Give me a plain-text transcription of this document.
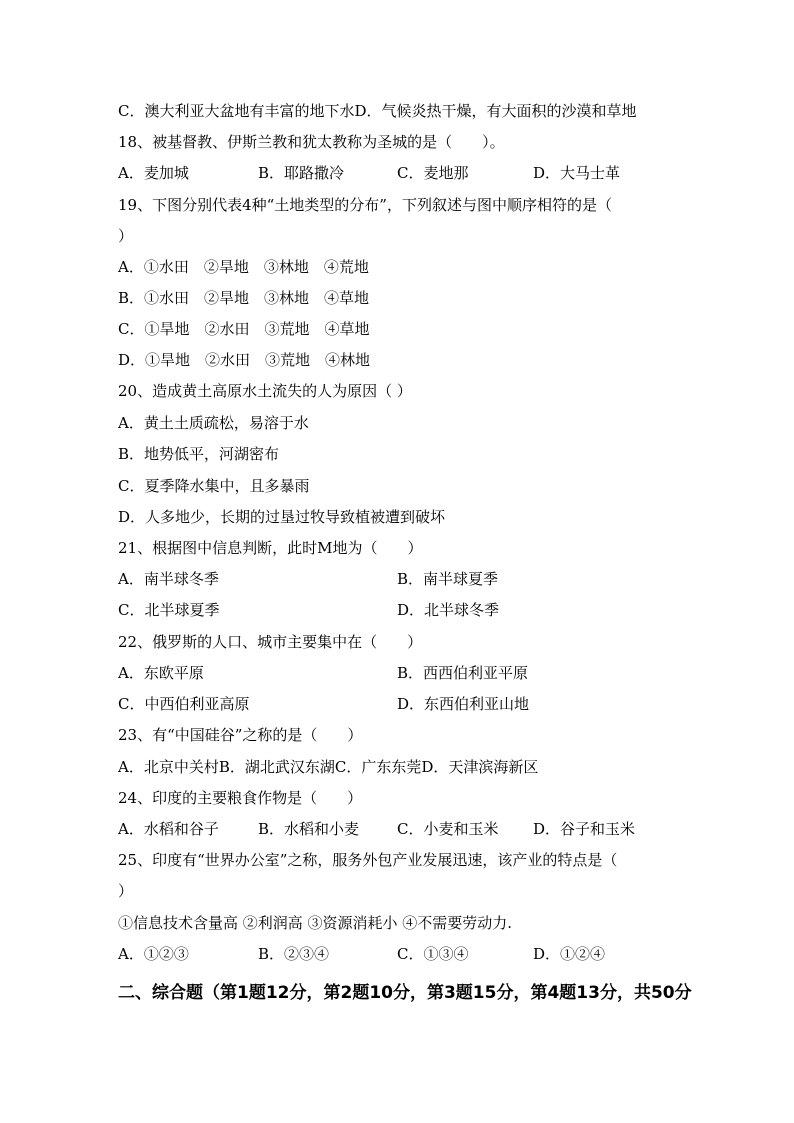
C．澳大利亚大盆地有丰富的地下水D．气候炎热干燥，有大面积的沙漠和草地
18、被基督教、伊斯兰教和犹太教称为圣城的是（　　）。
A．麦加城	B．耶路撒冷	C．麦地那	D．大马士革
19、下图分别代表4种“土地类型的分布”，下列叙述与图中顺序相符的是（
）
A．①水田　②旱地　③林地　④荒地
B．①水田　②旱地　③林地　④草地
C．①旱地　②水田　③荒地　④草地
D．①旱地　②水田　③荒地　④林地
20、造成黄土高原水土流失的人为原因（ ）
A．黄土土质疏松，易溶于水
B．地势低平，河湖密布
C．夏季降水集中，且多暴雨
D．人多地少，长期的过垦过牧导致植被遭到破坏
21、根据图中信息判断，此时M地为（　　）
A．南半球冬季	B．南半球夏季
C．北半球夏季	D．北半球冬季
22、俄罗斯的人口、城市主要集中在（　　）
A．东欧平原	B．西西伯利亚平原
C．中西伯利亚高原	D．东西伯利亚山地
23、有“中国硅谷”之称的是（　　）
A．北京中关村B．湖北武汉东湖C．广东东莞D．天津滨海新区
24、印度的主要粮食作物是（　　）
A．水稻和谷子	B．水稻和小麦	C．小麦和玉米 D．谷子和玉米
25、印度有“世界办公室”之称，服务外包产业发展迅速，该产业的特点是（
）
①信息技术含量高 ②利润高 ③资源消耗小 ④不需要劳动力.
A．①②③	B．②③④	C．①③④	D．①②④
二、综合题（第1题12分，第2题10分，第3题15分，第4题13分，共50分
